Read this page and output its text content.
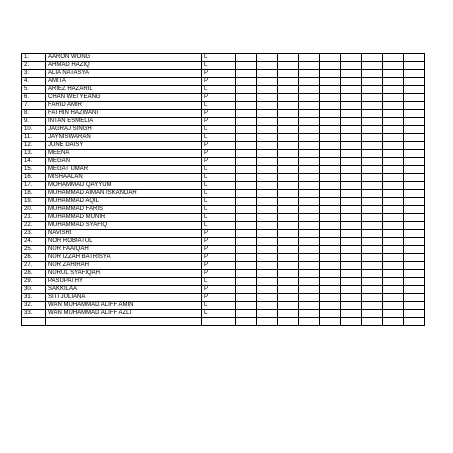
1.	AARON WONG	L									
2.	AHMAD HAZIQ	L									
3.	ALIA NATASYA	P									
4.	AMITA	P									
5.	ARIEZ HAZARIL	L									
6.	CHAN WEI YEANG	P									
7.	FARID AMIR	L									
8.	FATHIN HAZWANI	P									
9.	INTAN ESMELIA	P									
10.	JAGRAJ SINGH	L									
11.	JAYNISWARAN	L									
12.	JUNE DAISY	P									
13.	MEENA	P									
14.	MEGAN	P									
15.	MEGAT UMAR	L									
16.	MISHAALAN	L									
17.	MOHAMMAD QAYYUM	L									
18.	MUHAMMAD AIMAN ISKANDAR	L									
19.	MUHAMMAD AQIL	L									
20.	MUHAMMAD FARIS	L									
21.	MUHAMMAD MUNIR	L									
22.	MUHAMMAD SYAFIQ	L									
23.	NAVISRI	P									
24.	NOR ROBIATUL	P									
25.	NUR FAAIQAH	P									
26.	NUR IZZAH BATRISYA	P									
27.	NUR ZAHIRAH	P									
28.	NURUL SYAFIQAH	P									
29.	PASUPATHY	L									
30.	SAKKILAA	P									
31.	SITI JULIANA	P									
32.	WAN MUHAMMAD ALIFF AMIN	L									
33.	WAN MUHAMMAD ALIFF AZLI	L									
